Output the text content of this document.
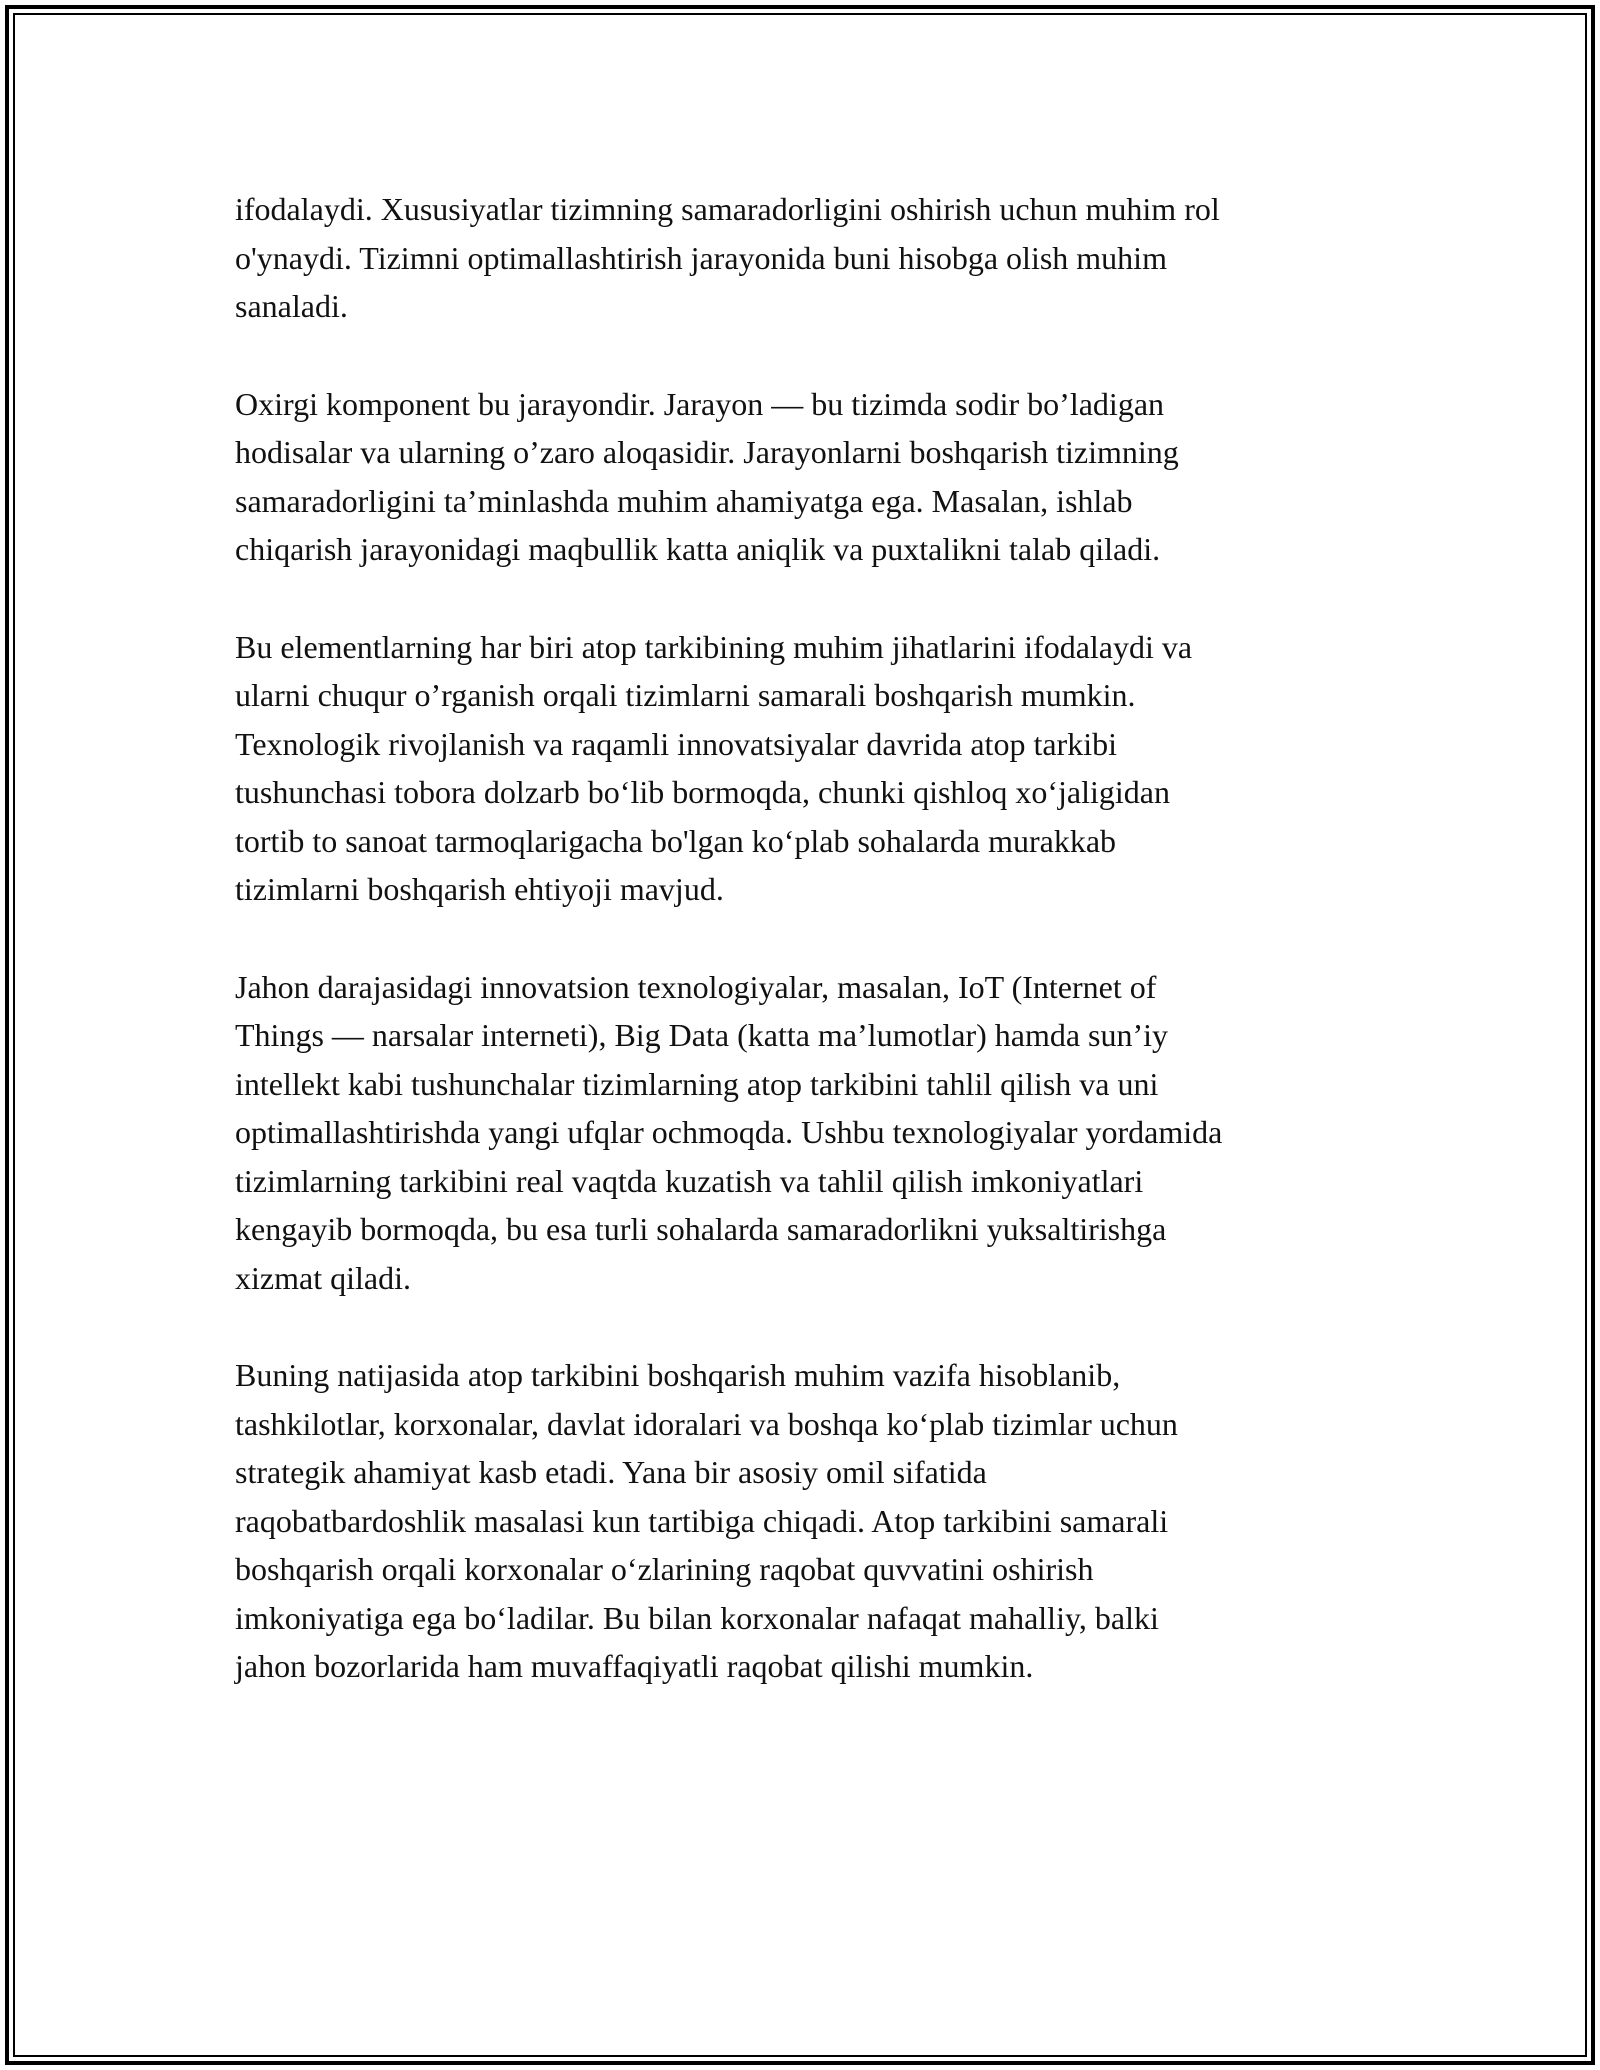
ifodalaydi. Xususiyatlar tizimning samaradorligini oshirish uchun muhim rol
o'ynaydi. Tizimni optimallashtirish jarayonida buni hisobga olish muhim
sanaladi.

Oxirgi komponent bu jarayondir. Jarayon — bu tizimda sodir bo’ladigan
hodisalar va ularning o’zaro aloqasidir. Jarayonlarni boshqarish tizimning
samaradorligini ta’minlashda muhim ahamiyatga ega. Masalan, ishlab
chiqarish jarayonidagi maqbullik katta aniqlik va puxtalikni talab qiladi.

Bu elementlarning har biri atop tarkibining muhim jihatlarini ifodalaydi va
ularni chuqur o’rganish orqali tizimlarni samarali boshqarish mumkin.
Texnologik rivojlanish va raqamli innovatsiyalar davrida atop tarkibi
tushunchasi tobora dolzarb bo‘lib bormoqda, chunki qishloq xo‘jaligidan
tortib to sanoat tarmoqlarigacha bo'lgan ko‘plab sohalarda murakkab
tizimlarni boshqarish ehtiyoji mavjud.

Jahon darajasidagi innovatsion texnologiyalar, masalan, IoT (Internet of
Things — narsalar interneti), Big Data (katta ma’lumotlar) hamda sun’iy
intellekt kabi tushunchalar tizimlarning atop tarkibini tahlil qilish va uni
optimallashtirishda yangi ufqlar ochmoqda. Ushbu texnologiyalar yordamida
tizimlarning tarkibini real vaqtda kuzatish va tahlil qilish imkoniyatlari
kengayib bormoqda, bu esa turli sohalarda samaradorlikni yuksaltirishga
xizmat qiladi.

Buning natijasida atop tarkibini boshqarish muhim vazifa hisoblanib,
tashkilotlar, korxonalar, davlat idoralari va boshqa ko‘plab tizimlar uchun
strategik ahamiyat kasb etadi. Yana bir asosiy omil sifatida
raqobatbardoshlik masalasi kun tartibiga chiqadi. Atop tarkibini samarali
boshqarish orqali korxonalar o‘zlarining raqobat quvvatini oshirish
imkoniyatiga ega bo‘ladilar. Bu bilan korxonalar nafaqat mahalliy, balki
jahon bozorlarida ham muvaffaqiyatli raqobat qilishi mumkin.
